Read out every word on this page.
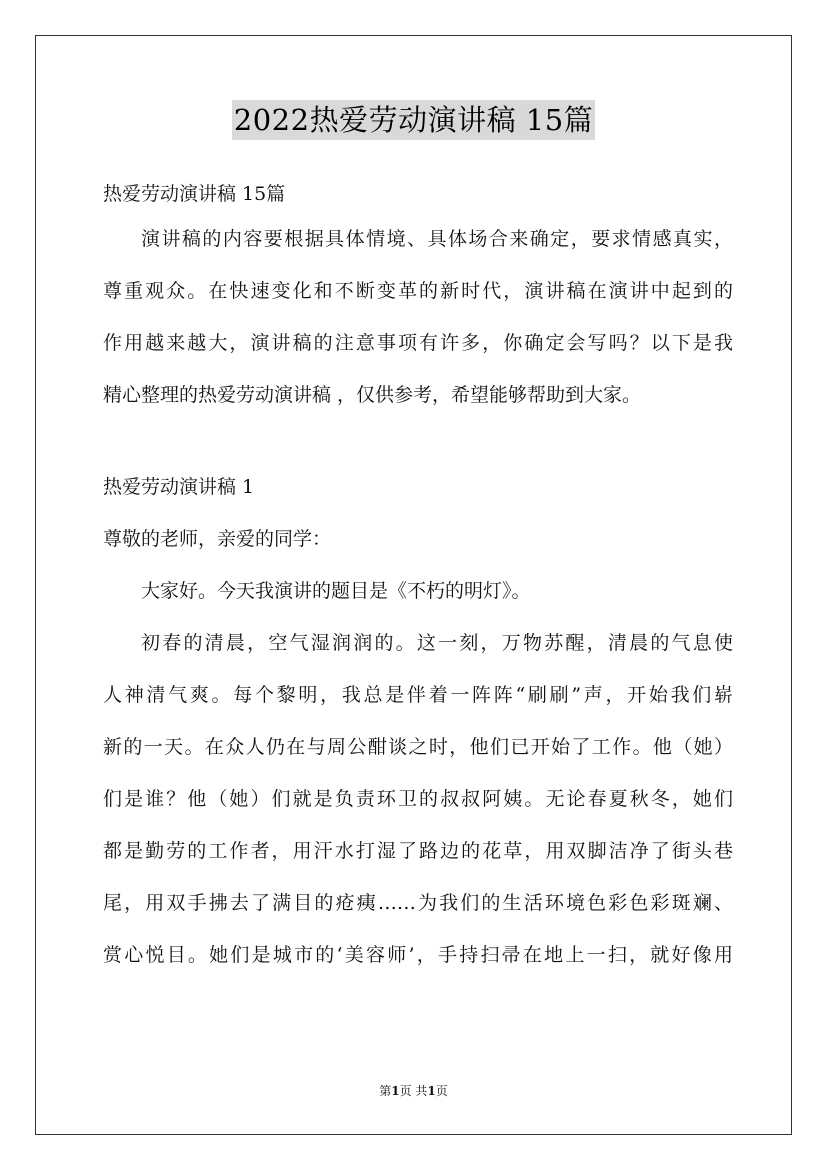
2022热爱劳动演讲稿 15篇
热爱劳动演讲稿 15篇
演讲稿的内容要根据具体情境、具体场合来确定，要求情感真实，
尊重观众。在快速变化和不断变革的新时代，演讲稿在演讲中起到的
作用越来越大，演讲稿的注意事项有许多，你确定会写吗？以下是我
精心整理的热爱劳动演讲稿 ，仅供参考，希望能够帮助到大家。
热爱劳动演讲稿 1
尊敬的老师，亲爱的同学：
大家好。今天我演讲的题目是《不朽的明灯》。
初春的清晨，空气湿润润的。这一刻，万物苏醒，清晨的气息使
人神清气爽。每个黎明，我总是伴着一阵阵“刷刷”声，开始我们崭
新的一天。在众人仍在与周公酣谈之时，他们已开始了工作。他（她）
们是谁？他（她）们就是负责环卫的叔叔阿姨。无论春夏秋冬，她们
都是勤劳的工作者，用汗水打湿了路边的花草，用双脚洁净了街头巷
尾，用双手拂去了满目的疮痍……为我们的生活环境色彩色彩斑斓、
赏心悦目。她们是城市的‘美容师’，手持扫帚在地上一扫，就好像用
第1页 共1页
